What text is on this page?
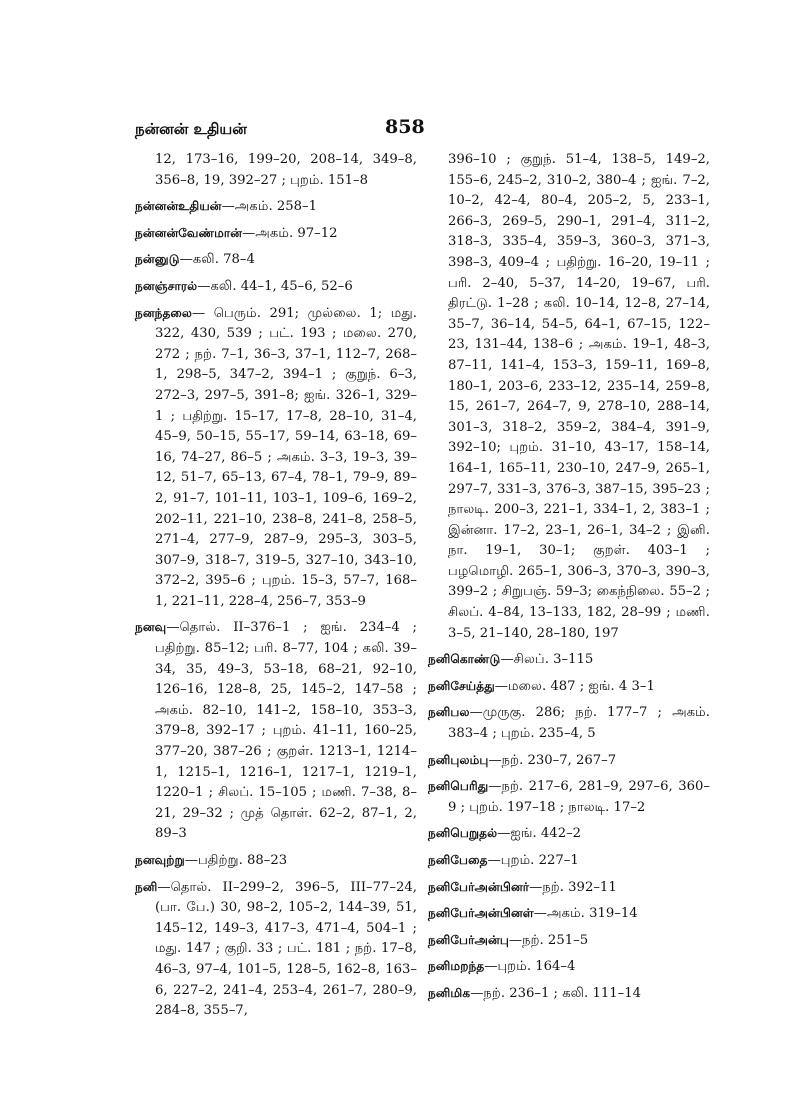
நன்னன் உதியன்	858

12, 173–16, 199–20, 208–14, 349–8, 356–8, 19, 392–27 ; புறம். 151–8

நன்னன்உதியன்—அகம். 258–1

நன்னன்வேண்மான்—அகம். 97–12

நன்னுடு—கலி. 78–4

நனஞ்சாரல்—கலி. 44–1, 45–6, 52–6

நனந்தலை— பெரும். 291; முல்லை. 1; மது. 322, 430, 539 ; பட். 193 ; மலை. 270, 272 ; நற். 7–1, 36–3, 37–1, 112–7, 268–1, 298–5, 347–2, 394–1 ; குறுந். 6–3, 272–3, 297–5, 391–8; ஐங். 326–1, 329–1 ; பதிற்று. 15–17, 17–8, 28–10, 31–4, 45–9, 50–15, 55–17, 59–14, 63–18, 69–16, 74–27, 86–5 ; அகம். 3–3, 19–3, 39–12, 51–7, 65–13, 67–4, 78–1, 79–9, 89–2, 91–7, 101–11, 103–1, 109–6, 169–2, 202–11, 221–10, 238–8, 241–8, 258–5, 271–4, 277–9, 287–9, 295–3, 303–5, 307–9, 318–7, 319–5, 327–10, 343–10, 372–2, 395–6 ; புறம். 15–3, 57–7, 168–1, 221–11, 228–4, 256–7, 353–9

நனவு—தொல். II–376–1 ; ஐங். 234–4 ; பதிற்று. 85–12; பரி. 8–77, 104 ; கலி. 39–34, 35, 49–3, 53–18, 68–21, 92–10, 126–16, 128–8, 25, 145–2, 147–58 ; அகம். 82–10, 141–2, 158–10, 353–3, 379–8, 392–17 ; புறம். 41–11, 160–25, 377–20, 387–26 ; குறள். 1213–1, 1214–1, 1215–1, 1216–1, 1217–1, 1219–1, 1220–1 ; சிலப். 15–105 ; மணி. 7–38, 8–21, 29–32 ; முத் தொள். 62–2, 87–1, 2, 89–3

நனவுற்று—பதிற்று. 88–23

நனி—தொல். II–299–2, 396–5, III–77–24, (பா. பே.) 30, 98–2, 105–2, 144–39, 51, 145–12, 149–3, 417–3, 471–4, 504–1 ; மது. 147 ; குறி. 33 ; பட். 181 ; நற். 17–8, 46–3, 97–4, 101–5, 128–5, 162–8, 163–6, 227–2, 241–4, 253–4, 261–7, 280–9, 284–8, 355–7,

396–10 ; குறுந். 51–4, 138–5, 149–2, 155–6, 245–2, 310–2, 380–4 ; ஐங். 7–2, 10–2, 42–4, 80–4, 205–2, 5, 233–1, 266–3, 269–5, 290–1, 291–4, 311–2, 318–3, 335–4, 359–3, 360–3, 371–3, 398–3, 409–4 ; பதிற்று. 16–20, 19–11 ; பரி. 2–40, 5–37, 14–20, 19–67, பரி. திரட்டு. 1–28 ; கலி. 10–14, 12–8, 27–14, 35–7, 36–14, 54–5, 64–1, 67–15, 122–23, 131–44, 138–6 ; அகம். 19–1, 48–3, 87–11, 141–4, 153–3, 159–11, 169–8, 180–1, 203–6, 233–12, 235–14, 259–8, 15, 261–7, 264–7, 9, 278–10, 288–14, 301–3, 318–2, 359–2, 384–4, 391–9, 392–10; புறம். 31–10, 43–17, 158–14, 164–1, 165–11, 230–10, 247–9, 265–1, 297–7, 331–3, 376–3, 387–15, 395–23 ; நாலடி. 200–3, 221–1, 334–1, 2, 383–1 ; இன்னா. 17–2, 23–1, 26–1, 34–2 ; இனி. நா. 19–1, 30–1; குறள். 403–1 ; பழமொழி. 265–1, 306–3, 370–3, 390–3, 399–2 ; சிறுபஞ். 59–3; கைந்நிலை. 55–2 ; சிலப். 4–84, 13–133, 182, 28–99 ; மணி. 3–5, 21–140, 28–180, 197

நனிகொண்டு—சிலப். 3–115

நனிசேய்த்து—மலை. 487 ; ஐங். 4 3–1

நனிபல—முருகு. 286; நற். 177–7 ; அகம். 383–4 ; புறம். 235–4, 5

நனிபுலம்பு—நற். 230–7, 267–7

நனிபெரிது—நற். 217–6, 281–9, 297–6, 360–9 ; புறம். 197–18 ; நாலடி. 17–2

நனிபெறுதல்—ஐங். 442–2

நனிபேதை—புறம். 227–1

நனிபேர்அன்பினர்—நற். 392–11

நனிபேர்அன்பினள்—அகம். 319–14

நனிபேர்அன்பு—நற். 251–5

நனிமறந்த—புறம். 164–4

நனிமிக—நற். 236–1 ; கலி. 111–14
